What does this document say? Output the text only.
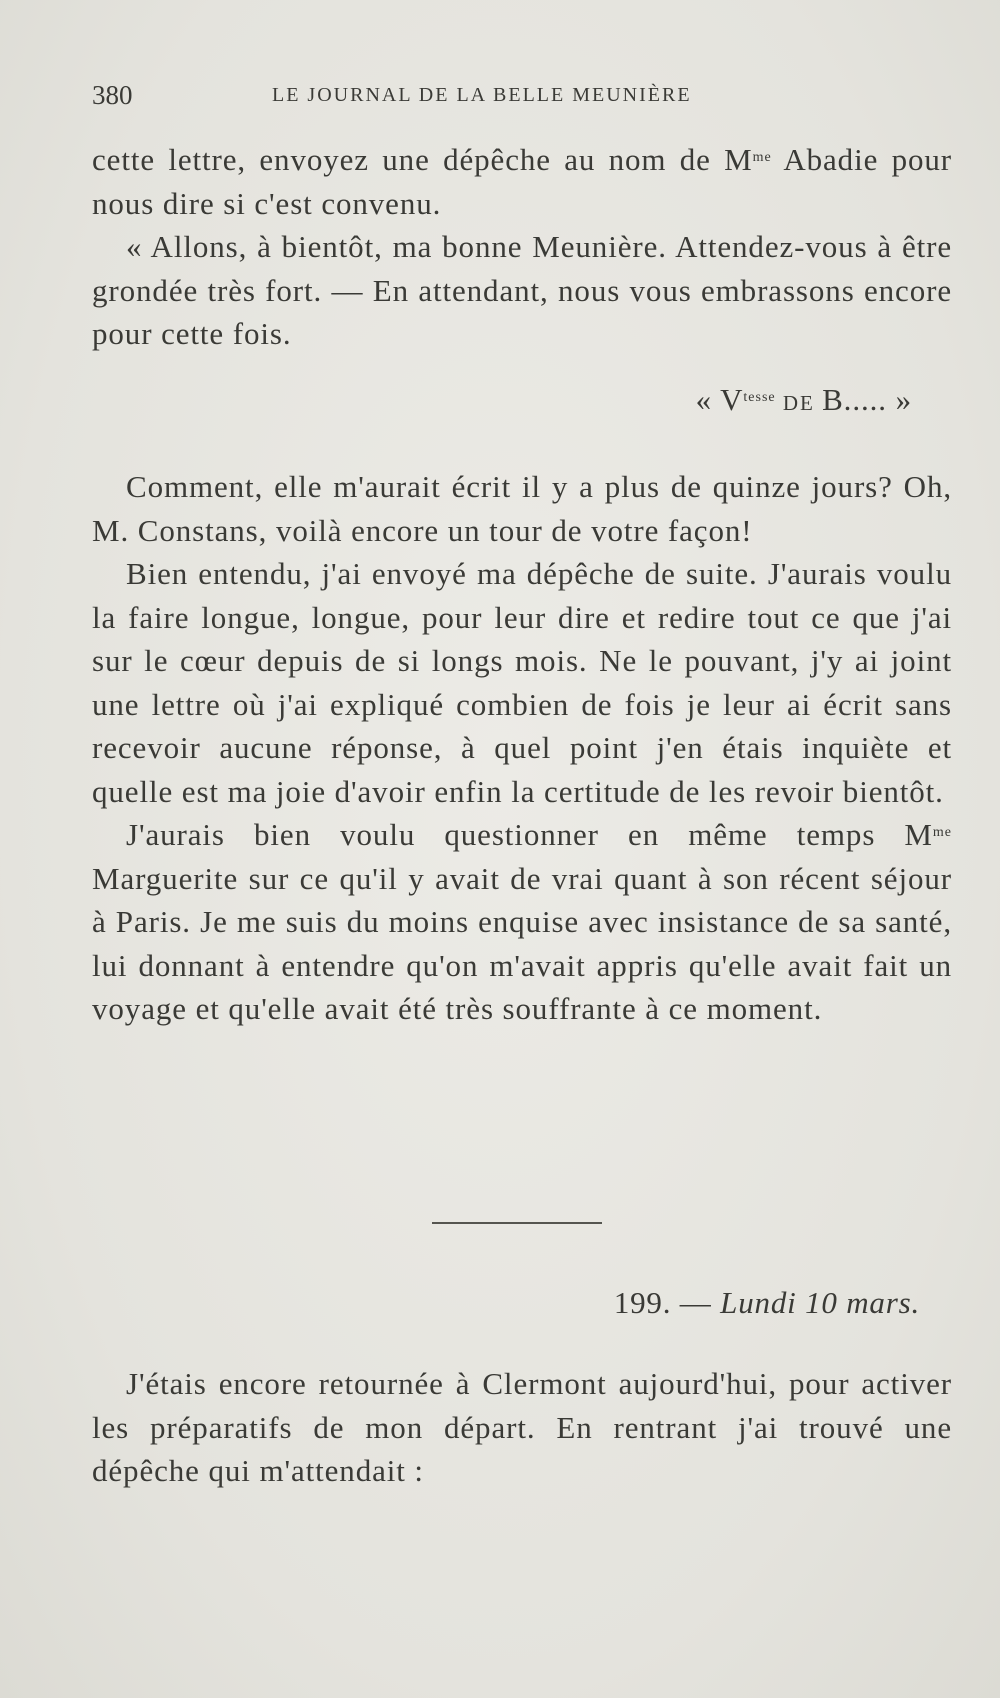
380	LE JOURNAL DE LA BELLE MEUNIÈRE

cette lettre, envoyez une dépêche au nom de $M^{me}$ Abadie pour nous dire si c'est convenu.

« Allons, à bientôt, ma bonne Meunière. Attendez-vous à être grondée très fort. — En attendant, nous vous embrassons encore pour cette fois.

« $V^{tesse}$ DE B..... »

Comment, elle m'aurait écrit il y a plus de quinze jours? Oh, M. Constans, voilà encore un tour de votre façon!

Bien entendu, j'ai envoyé ma dépêche de suite. J'aurais voulu la faire longue, longue, pour leur dire et redire tout ce que j'ai sur le cœur depuis de si longs mois. Ne le pouvant, j'y ai joint une lettre où j'ai expliqué combien de fois je leur ai écrit sans recevoir aucune réponse, à quel point j'en étais inquiète et quelle est ma joie d'avoir enfin la certitude de les revoir bientôt.

J'aurais bien voulu questionner en même temps $M^{me}$ Marguerite sur ce qu'il y avait de vrai quant à son récent séjour à Paris. Je me suis du moins enquise avec insistance de sa santé, lui donnant à entendre qu'on m'avait appris qu'elle avait fait un voyage et qu'elle avait été très souffrante à ce moment.

199. — Lundi 10 mars.

J'étais encore retournée à Clermont aujourd'hui, pour activer les préparatifs de mon départ. En rentrant j'ai trouvé une dépêche qui m'attendait :
